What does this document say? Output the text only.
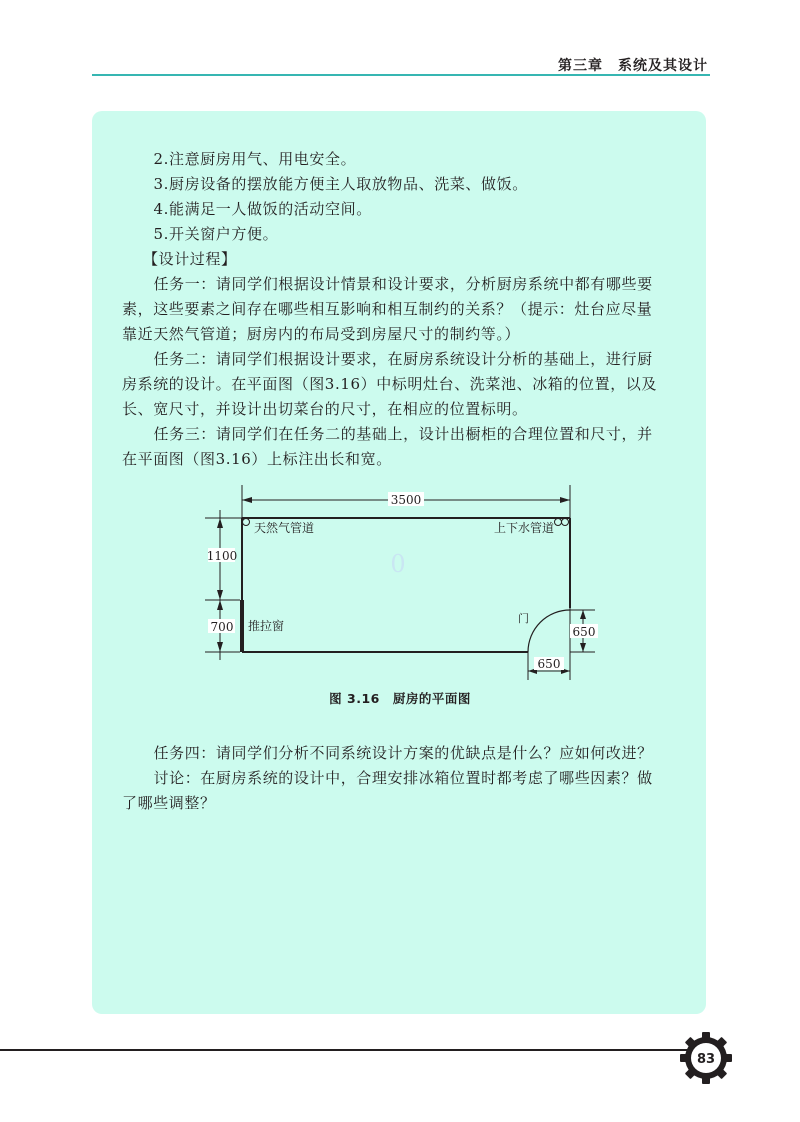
第三章　 系统及其设计

2.注意厨房用气、用电安全。

3.厨房设备的摆放能方便主人取放物品、洗菜、做饭。

4.能满足一人做饭的活动空间。

5.开关窗户方便。

【设计过程】

任务一：请同学们根据设计情景和设计要求，分析厨房系统中都有哪些要素，这些要素之间存在哪些相互影响和相互制约的关系？（提示：灶台应尽量靠近天然气管道；厨房内的布局受到房屋尺寸的制约等。）

任务二：请同学们根据设计要求，在厨房系统设计分析的基础上，进行厨房系统的设计。在平面图（图3.16）中标明灶台、洗菜池、冰箱的位置，以及长、宽尺寸，并设计出切菜台的尺寸，在相应的位置标明。

任务三：请同学们在任务二的基础上，设计出橱柜的合理位置和尺寸，并在平面图（图3.16）上标注出长和宽。

3500
1100
700
天然气管道	上下水管道
推拉窗
0
门
650
650
图 3.16　厨房的平面图

任务四：请同学们分析不同系统设计方案的优缺点是什么？应如何改进？

讨论：在厨房系统的设计中，合理安排冰箱位置时都考虑了哪些因素？做了哪些调整？

83
